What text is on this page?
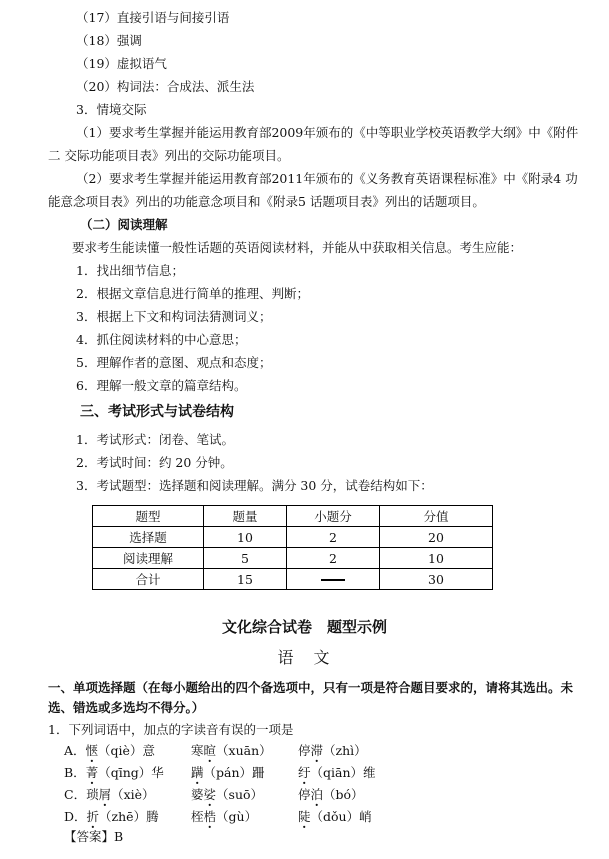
（17）直接引语与间接引语
（18）强调
（19）虚拟语气
（20）构词法：合成法、派生法
3．情境交际
（1）要求考生掌握并能运用教育部2009年颁布的《中等职业学校英语教学大纲》中《附件
二 交际功能项目表》列出的交际功能项目。
（2）要求考生掌握并能运用教育部2011年颁布的《义务教育英语课程标准》中《附录4 功
能意念项目表》列出的功能意念项目和《附录5 话题项目表》列出的话题项目。
（二）阅读理解
要求考生能读懂一般性话题的英语阅读材料，并能从中获取相关信息。考生应能：
1．找出细节信息；
2．根据文章信息进行简单的推理、判断；
3．根据上下文和构词法猜测词义；
4．抓住阅读材料的中心意思；
5．理解作者的意图、观点和态度；
6．理解一般文章的篇章结构。
三、考试形式与试卷结构
1．考试形式：闭卷、笔试。
2．考试时间：约 20 分钟。
3．考试题型：选择题和阅读理解。满分 30 分，试卷结构如下：
题型	题量	小题分	分值
选择题	10	2	20
阅读理解	5	2	10
合计	15		30
文化综合试卷　题型示例
语　文
一、单项选择题（在每小题给出的四个备选项中，只有一项是符合题目要求的，请将其选出。未
选、错选或多选均不得分。）
1．下列词语中，加点的字读音有误的一项是
A．惬（qiè）意	寒暄（xuān） 停滞（zhì）
B．菁（qīng）华 蹒（pán）跚	纡（qiān）维
C．琐屑（xiè）	婆娑（suō）	停泊（bó）
D．折（zhē）腾	桎梏（gù）	陡（dǒu）峭
【答案】B
